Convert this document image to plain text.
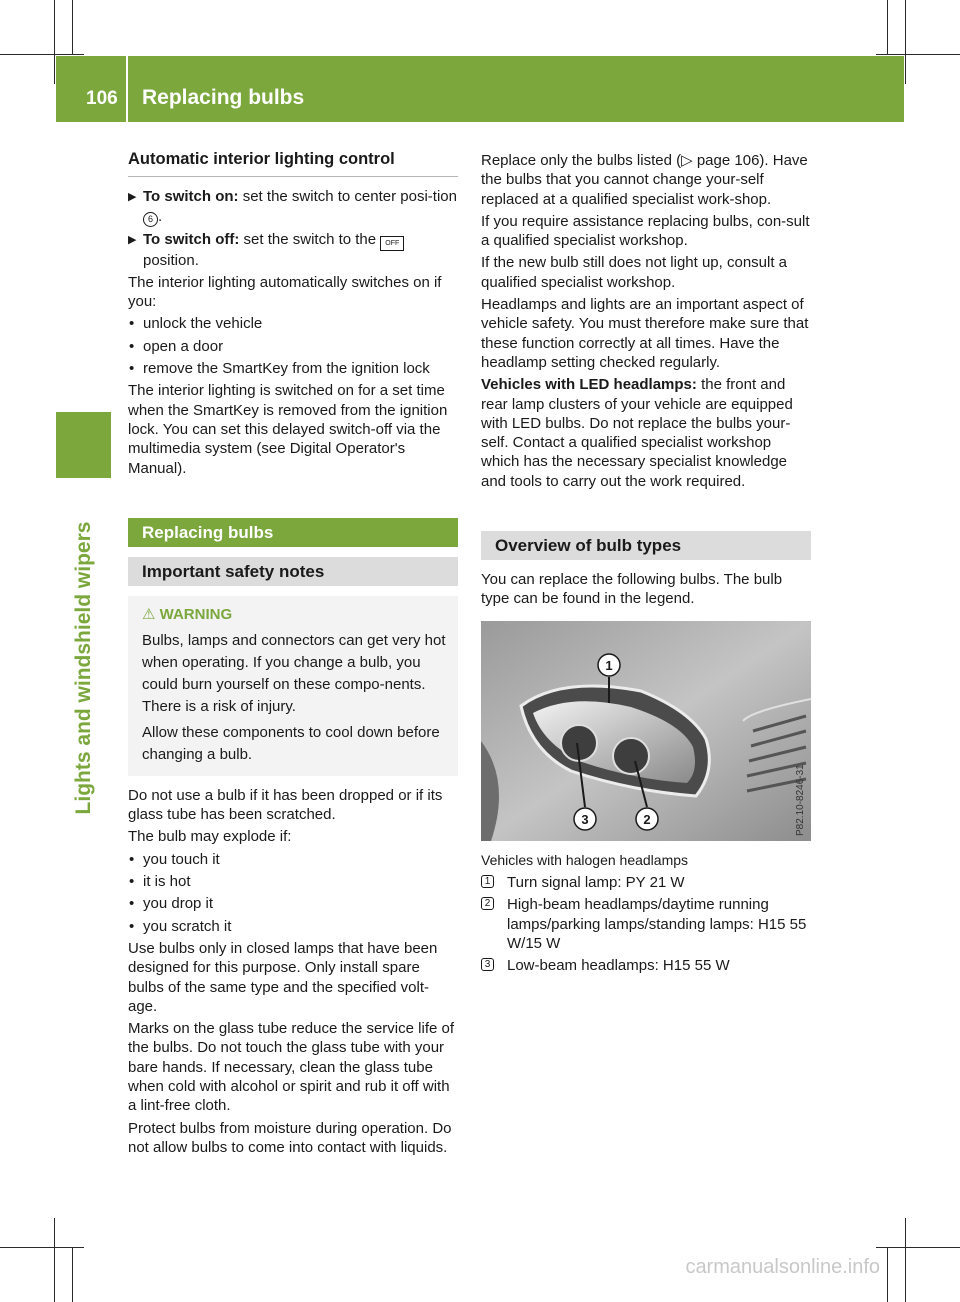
106 Replacing bulbs
Lights and windshield wipers
Automatic interior lighting control
▶ To switch on: set the switch to center posi-tion 6 .
▶ To switch off: set the switch to the OFF
position.

The interior lighting automatically switches on if you:

• unlock the vehicle
• open a door
• remove the SmartKey from the ignition lock

The interior lighting is switched on for a set time when the SmartKey is removed from the ignition lock. You can set this delayed switch-off via the multimedia system (see Digital Operator's Manual).

Replacing bulbs
Important safety notes
⚠ WARNING

Bulbs, lamps and connectors can get very hot when operating. If you change a bulb, you could burn yourself on these compo-nents. There is a risk of injury.

Allow these components to cool down before changing a bulb.

Do not use a bulb if it has been dropped or if its glass tube has been scratched.

The bulb may explode if:

• you touch it
• it is hot
• you drop it
• you scratch it

Use bulbs only in closed lamps that have been designed for this purpose. Only install spare bulbs of the same type and the specified volt-age.

Marks on the glass tube reduce the service life of the bulbs. Do not touch the glass tube with your bare hands. If necessary, clean the glass tube when cold with alcohol or spirit and rub it off with a lint-free cloth.

Protect bulbs from moisture during operation. Do not allow bulbs to come into contact with liquids.

Replace only the bulbs listed (▷ page 106). Have the bulbs that you cannot change your-self replaced at a qualified specialist work-shop.

If you require assistance replacing bulbs, con-sult a qualified specialist workshop.

If the new bulb still does not light up, consult a qualified specialist workshop.

Headlamps and lights are an important aspect of vehicle safety. You must therefore make sure that these function correctly at all times. Have the headlamp setting checked regularly.

Vehicles with LED headlamps: the front and rear lamp clusters of your vehicle are equipped with LED bulbs. Do not replace the bulbs your-self. Contact a qualified specialist workshop which has the necessary specialist knowledge and tools to carry out the work required.

Overview of bulb types

You can replace the following bulbs. The bulb type can be found in the legend.

1
2
3	P82.10-8246-31

Vehicles with halogen headlamps

1 Turn signal lamp: PY 21 W
2 High-beam headlamps/daytime running lamps/parking lamps/standing lamps: H15 55 W/15 W
3 Low-beam headlamps: H15 55 W
carmanualsonline.info
